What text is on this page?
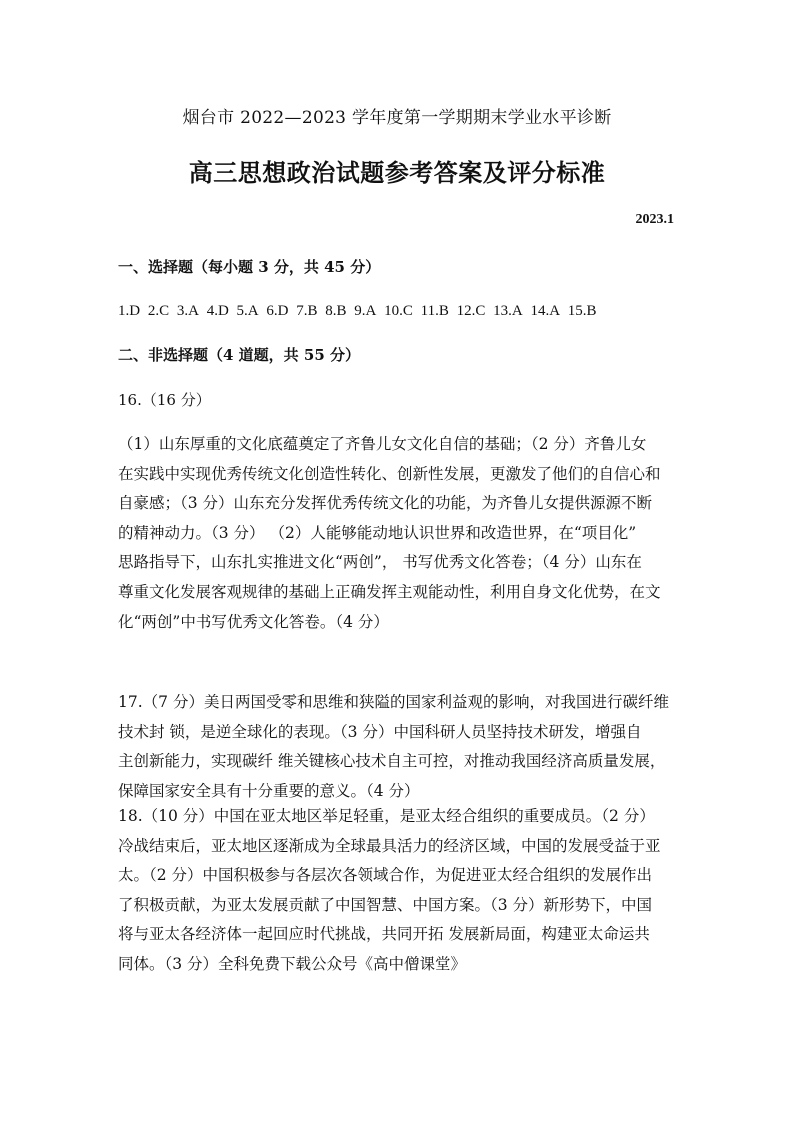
烟台市 2022—2023 学年度第一学期期末学业水平诊断
高三思想政治试题参考答案及评分标准
2023.1
一、选择题（每小题 3 分，共 45 分）
1.D 2.C 3.A 4.D 5.A 6.D 7.B 8.B 9.A 10.C 11.B 12.C 13.A 14.A 15.B
二、非选择题（4 道题，共 55 分）
16.（16 分）
（1）山东厚重的文化底蕴奠定了齐鲁儿女文化自信的基础；（2 分）齐鲁儿女
在实践中实现优秀传统文化创造性转化、创新性发展，更激发了他们的自信心和
自豪感；（3 分）山东充分发挥优秀传统文化的功能，为齐鲁儿女提供源源不断
的精神动力。（3 分） （2）人能够能动地认识世界和改造世界，在“项目化”
思路指导下，山东扎实推进文化“两创”， 书写优秀文化答卷；（4 分）山东在
尊重文化发展客观规律的基础上正确发挥主观能动性，利用自身文化优势，在文
化“两创”中书写优秀文化答卷。（4 分）
17.（7 分）美日两国受零和思维和狭隘的国家利益观的影响，对我国进行碳纤维
技术封 锁，是逆全球化的表现。（3 分）中国科研人员坚持技术研发，增强自
主创新能力，实现碳纤 维关键核心技术自主可控，对推动我国经济高质量发展，
保障国家安全具有十分重要的意义。（4 分）
18.（10 分）中国在亚太地区举足轻重，是亚太经合组织的重要成员。（2 分）
冷战结束后，亚太地区逐渐成为全球最具活力的经济区域，中国的发展受益于亚
太。（2 分）中国积极参与各层次各领域合作，为促进亚太经合组织的发展作出
了积极贡献，为亚太发展贡献了中国智慧、中国方案。（3 分）新形势下，中国
将与亚太各经济体一起回应时代挑战，共同开拓 发展新局面，构建亚太命运共
同体。（3 分）全科免费下载公众号《高中僧课堂》
